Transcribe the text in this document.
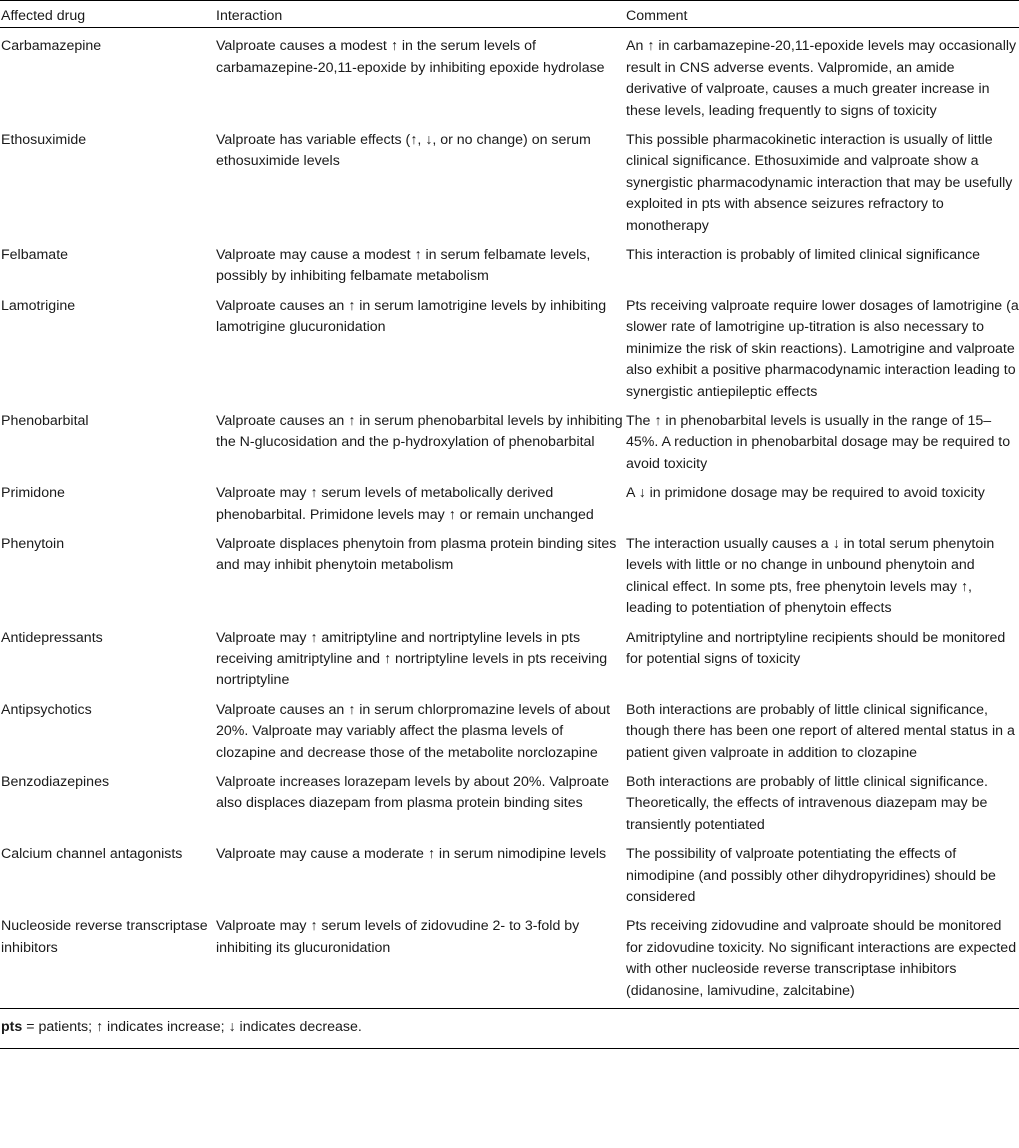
Affected drug	Interaction	Comment
Carbamazepine	Valproate causes a modest ↑ in the serum levels of carbamazepine-20,11-epoxide by inhibiting epoxide hydrolase	An ↑ in carbamazepine-20,11-epoxide levels may occasionally result in CNS adverse events. Valpromide, an amide derivative of valproate, causes a much greater increase in these levels, leading frequently to signs of toxicity
Ethosuximide	Valproate has variable effects (↑, ↓, or no change) on serum ethosuximide levels	This possible pharmacokinetic interaction is usually of little clinical significance. Ethosuximide and valproate show a synergistic pharmacodynamic interaction that may be usefully exploited in pts with absence seizures refractory to monotherapy
Felbamate	Valproate may cause a modest ↑ in serum felbamate levels, possibly by inhibiting felbamate metabolism	This interaction is probably of limited clinical significance
Lamotrigine	Valproate causes an ↑ in serum lamotrigine levels by inhibiting lamotrigine glucuronidation	Pts receiving valproate require lower dosages of lamotrigine (a slower rate of lamotrigine up-titration is also necessary to minimize the risk of skin reactions). Lamotrigine and valproate also exhibit a positive pharmacodynamic interaction leading to synergistic antiepileptic effects
Phenobarbital	Valproate causes an ↑ in serum phenobarbital levels by inhibiting the N-glucosidation and the p-hydroxylation of phenobarbital	The ↑ in phenobarbital levels is usually in the range of 15–45%. A reduction in phenobarbital dosage may be required to avoid toxicity
Primidone	Valproate may ↑ serum levels of metabolically derived phenobarbital. Primidone levels may ↑ or remain unchanged	A ↓ in primidone dosage may be required to avoid toxicity
Phenytoin	Valproate displaces phenytoin from plasma protein binding sites and may inhibit phenytoin metabolism	The interaction usually causes a ↓ in total serum phenytoin levels with little or no change in unbound phenytoin and clinical effect. In some pts, free phenytoin levels may ↑, leading to potentiation of phenytoin effects
Antidepressants	Valproate may ↑ amitriptyline and nortriptyline levels in pts receiving amitriptyline and ↑ nortriptyline levels in pts receiving nortriptyline	Amitriptyline and nortriptyline recipients should be monitored for potential signs of toxicity
Antipsychotics	Valproate causes an ↑ in serum chlorpromazine levels of about 20%. Valproate may variably affect the plasma levels of clozapine and decrease those of the metabolite norclozapine	Both interactions are probably of little clinical significance, though there has been one report of altered mental status in a patient given valproate in addition to clozapine
Benzodiazepines	Valproate increases lorazepam levels by about 20%. Valproate also displaces diazepam from plasma protein binding sites	Both interactions are probably of little clinical significance. Theoretically, the effects of intravenous diazepam may be transiently potentiated
Calcium channel antagonists	Valproate may cause a moderate ↑ in serum nimodipine levels	The possibility of valproate potentiating the effects of nimodipine (and possibly other dihydropyridines) should be considered
Nucleoside reverse transcriptase inhibitors	Valproate may ↑ serum levels of zidovudine 2- to 3-fold by inhibiting its glucuronidation	Pts receiving zidovudine and valproate should be monitored for zidovudine toxicity. No significant interactions are expected with other nucleoside reverse transcriptase inhibitors (didanosine, lamivudine, zalcitabine)
pts = patients; ↑ indicates increase; ↓ indicates decrease.
